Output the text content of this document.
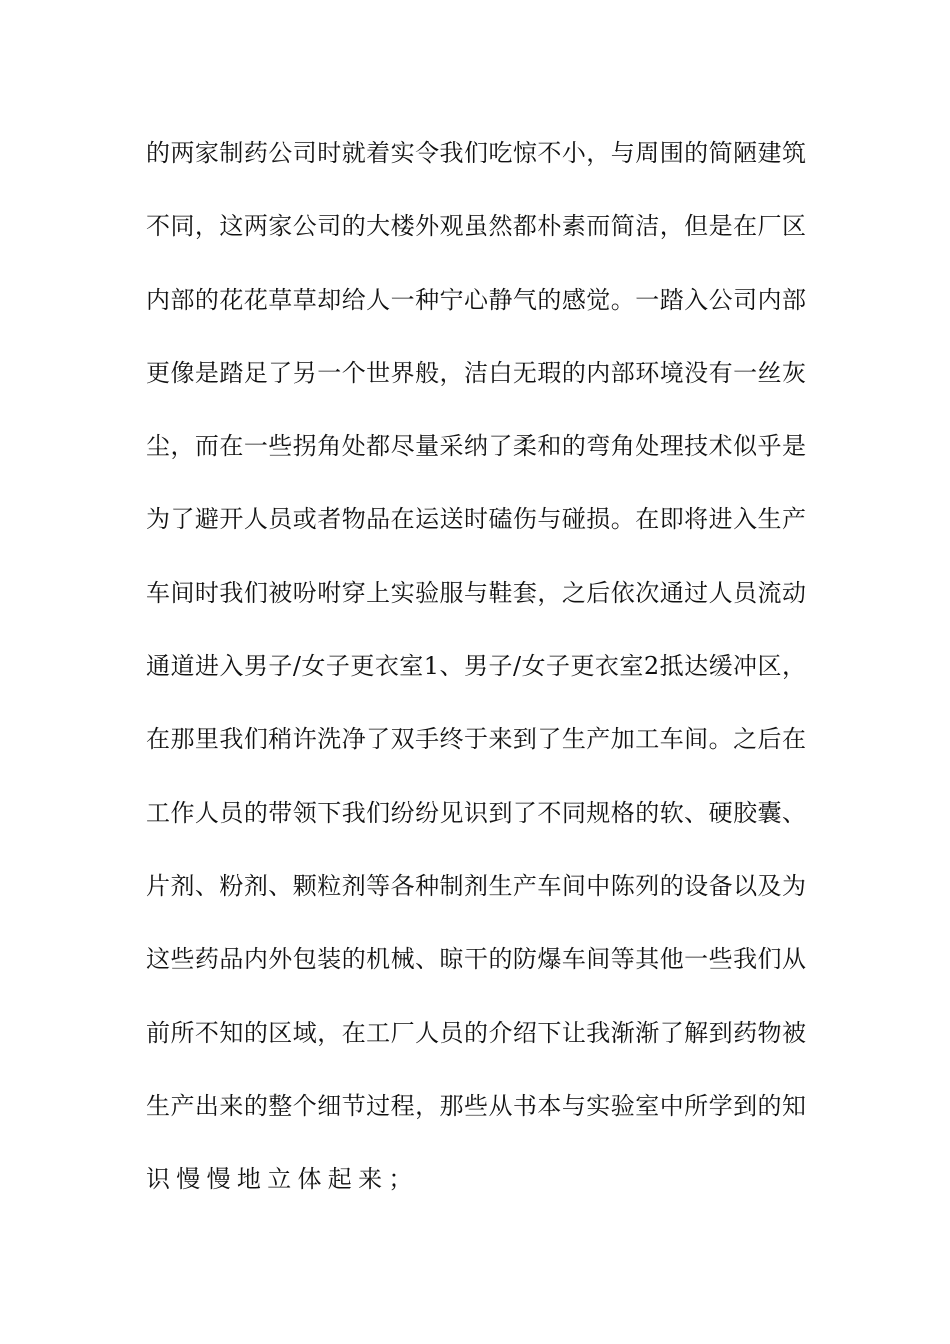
的两家制药公司时就着实令我们吃惊不小，与周围的简陋建筑
不同，这两家公司的大楼外观虽然都朴素而简洁，但是在厂区
内部的花花草草却给人一种宁心静气的感觉。一踏入公司内部
更像是踏足了另一个世界般，洁白无瑕的内部环境没有一丝灰
尘，而在一些拐角处都尽量采纳了柔和的弯角处理技术似乎是
为了避开人员或者物品在运送时磕伤与碰损。在即将进入生产
车间时我们被吩咐穿上实验服与鞋套，之后依次通过人员流动
通道进入男子/女子更衣室1、男子/女子更衣室2抵达缓冲区，
在那里我们稍许洗净了双手终于来到了生产加工车间。之后在
工作人员的带领下我们纷纷见识到了不同规格的软、硬胶囊、
片剂、粉剂、颗粒剂等各种制剂生产车间中陈列的设备以及为
这些药品内外包装的机械、晾干的防爆车间等其他一些我们从
前所不知的区域，在工厂人员的介绍下让我渐渐了解到药物被
生产出来的整个细节过程，那些从书本与实验室中所学到的知
识慢慢地立体起来；
